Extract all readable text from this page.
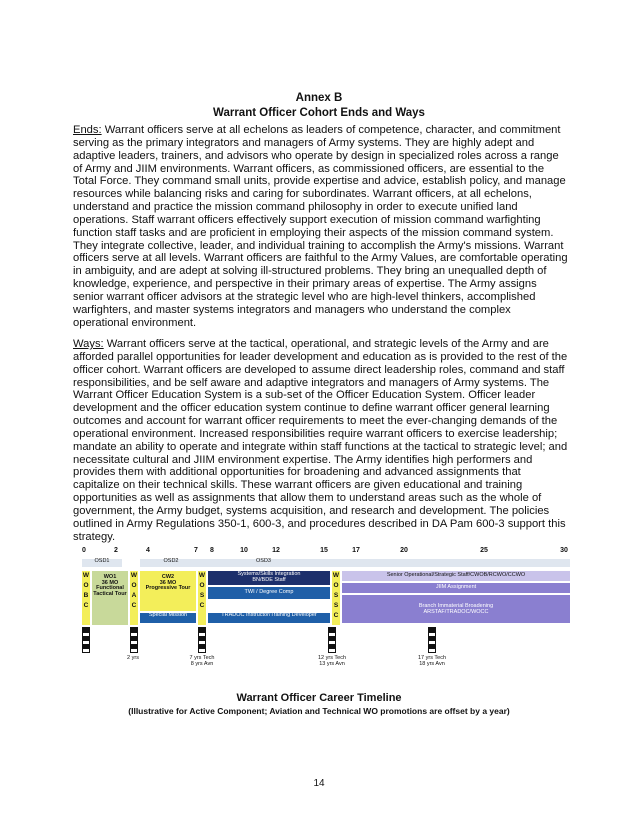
Annex B
Warrant Officer Cohort Ends and Ways

Ends: Warrant officers serve at all echelons as leaders of competence, character, and commitment serving as the primary integrators and managers of Army systems. They are highly adept and adaptive leaders, trainers, and advisors who operate by design in specialized roles across a range of Army and JIIM environments. Warrant officers, as commissioned officers, are essential to the Total Force. They command small units, provide expertise and advice, establish policy, and manage resources while balancing risks and caring for subordinates. Warrant officers, at all echelons, understand and practice the mission command philosophy in order to execute unified land operations. Staff warrant officers effectively support execution of mission command warfighting function staff tasks and are proficient in employing their aspects of the mission command system. They integrate collective, leader, and individual training to accomplish the Army's missions. Warrant officers serve at all levels. Warrant officers are faithful to the Army Values, are comfortable operating in ambiguity, and are adept at solving ill-structured problems. They bring an unequalled depth of knowledge, experience, and perspective in their primary areas of expertise. The Army assigns senior warrant officer advisors at the strategic level who are high-level thinkers, accomplished warfighters, and master systems integrators and managers who understand the complex operational environment.

Ways: Warrant officers serve at the tactical, operational, and strategic levels of the Army and are afforded parallel opportunities for leader development and education as is provided to the rest of the officer cohort. Warrant officers are developed to assume direct leadership roles, command and staff responsibilities, and be self aware and adaptive integrators and managers of Army systems. The Warrant Officer Education System is a sub-set of the Officer Education System. Officer leader development and the officer education system continue to define warrant officer general learning outcomes and account for warrant officer requirements to meet the ever-changing demands of the operational environment. Increased responsibilities require warrant officers to exercise leadership; mandate an ability to operate and integrate within staff functions at the tactical to strategic level; and necessitate cultural and JIIM environment expertise. The Army identifies high performers and provides them with additional opportunities for broadening and advanced assignments that capitalize on their technical skills. These warrant officers are given educational and training opportunities as well as assignments that allow them to understand areas such as the whole of government, the Army budget, systems acquisition, and research and development. The policies outlined in Army Regulations 350-1, 600-3, and procedures described in DA Pam 600-3 support this strategy.

0	2	4	7 8	10	12	15	17	20	25	30
OSD1	OSD2	OSD3
W
O
B
C
W
O
A
C
W
O
S
C
W
O
S
S
C
WO1
36 MO
Functional
Tactical Tour
CW2
36 MO
Progressive Tour
Special Mission
Systems/Skills Integration
BN/BDE Staff
TWI / Degree Comp
TRADOC Instructor/Training Developer
Senior Operational/Strategic Staff/CWOB/RCWO/CCWO
JIIM Assignment
Branch Immaterial Broadening
ARSTAF/TRADOC/WOCC
2 yrs	7 yrs Tech
8 yrs Avn
12 yrs Tech
13 yrs Avn
17 yrs Tech
18 yrs Avn
Warrant Officer Career Timeline
(Illustrative for Active Component; Aviation and Technical WO promotions are offset by a year)
14
